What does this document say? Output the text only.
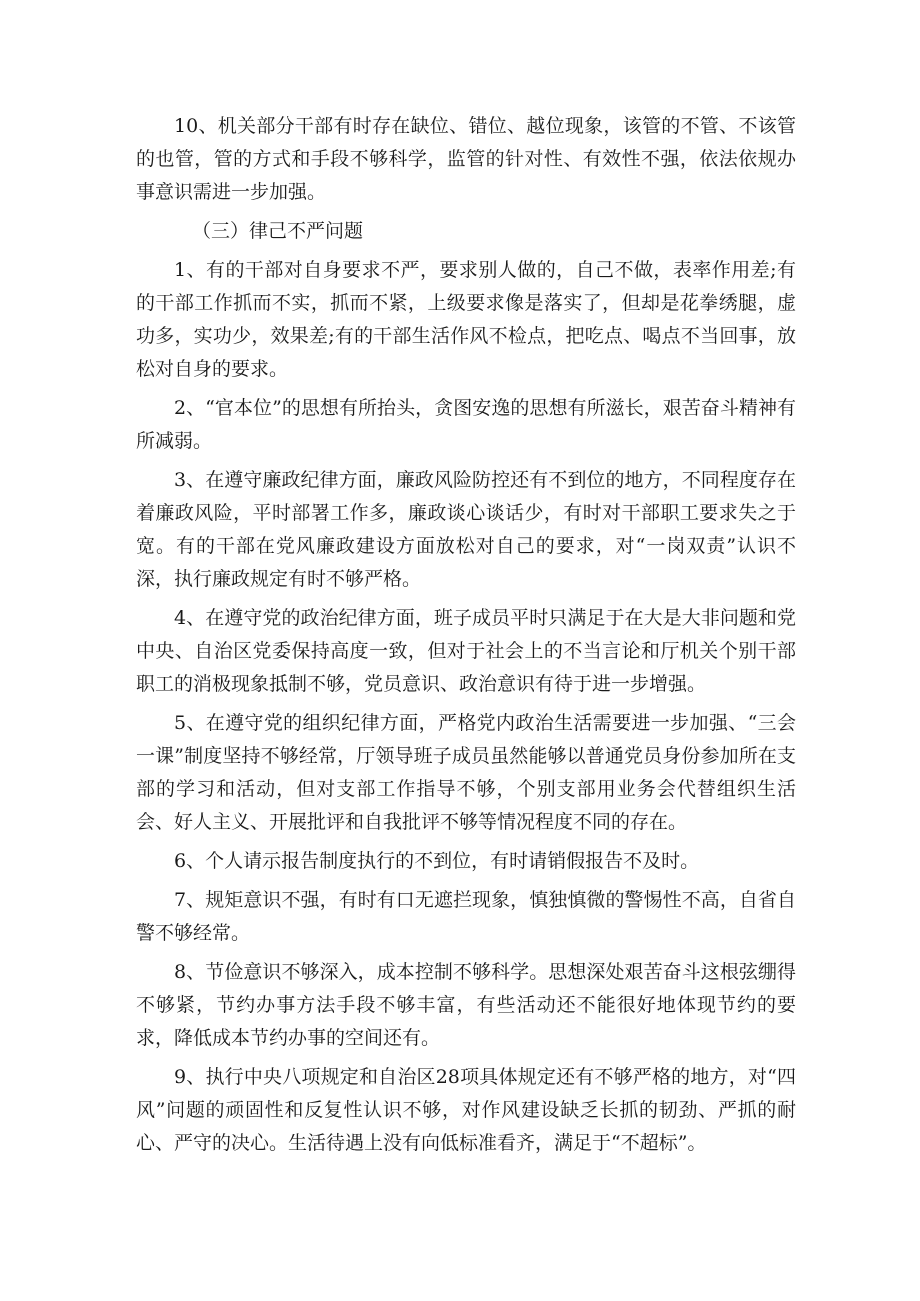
10、机关部分干部有时存在缺位、错位、越位现象，该管的不管、不该管的也管，管的方式和手段不够科学，监管的针对性、有效性不强，依法依规办事意识需进一步加强。

（三）律己不严问题

1、有的干部对自身要求不严，要求别人做的，自己不做，表率作用差;有的干部工作抓而不实，抓而不紧，上级要求像是落实了，但却是花拳绣腿，虚功多，实功少，效果差;有的干部生活作风不检点，把吃点、喝点不当回事，放松对自身的要求。

2、“官本位”的思想有所抬头，贪图安逸的思想有所滋长，艰苦奋斗精神有所减弱。

3、在遵守廉政纪律方面，廉政风险防控还有不到位的地方，不同程度存在着廉政风险，平时部署工作多，廉政谈心谈话少，有时对干部职工要求失之于宽。有的干部在党风廉政建设方面放松对自己的要求，对“一岗双责”认识不深，执行廉政规定有时不够严格。

4、在遵守党的政治纪律方面，班子成员平时只满足于在大是大非问题和党中央、自治区党委保持高度一致，但对于社会上的不当言论和厅机关个别干部职工的消极现象抵制不够，党员意识、政治意识有待于进一步增强。

5、在遵守党的组织纪律方面，严格党内政治生活需要进一步加强、“三会一课”制度坚持不够经常，厅领导班子成员虽然能够以普通党员身份参加所在支部的学习和活动，但对支部工作指导不够，个别支部用业务会代替组织生活会、好人主义、开展批评和自我批评不够等情况程度不同的存在。

6、个人请示报告制度执行的不到位，有时请销假报告不及时。

7、规矩意识不强，有时有口无遮拦现象，慎独慎微的警惕性不高，自省自警不够经常。

8、节俭意识不够深入，成本控制不够科学。思想深处艰苦奋斗这根弦绷得不够紧，节约办事方法手段不够丰富，有些活动还不能很好地体现节约的要求，降低成本节约办事的空间还有。

9、执行中央八项规定和自治区28项具体规定还有不够严格的地方，对“四风”问题的顽固性和反复性认识不够，对作风建设缺乏长抓的韧劲、严抓的耐心、严守的决心。生活待遇上没有向低标准看齐，满足于“不超标”。
